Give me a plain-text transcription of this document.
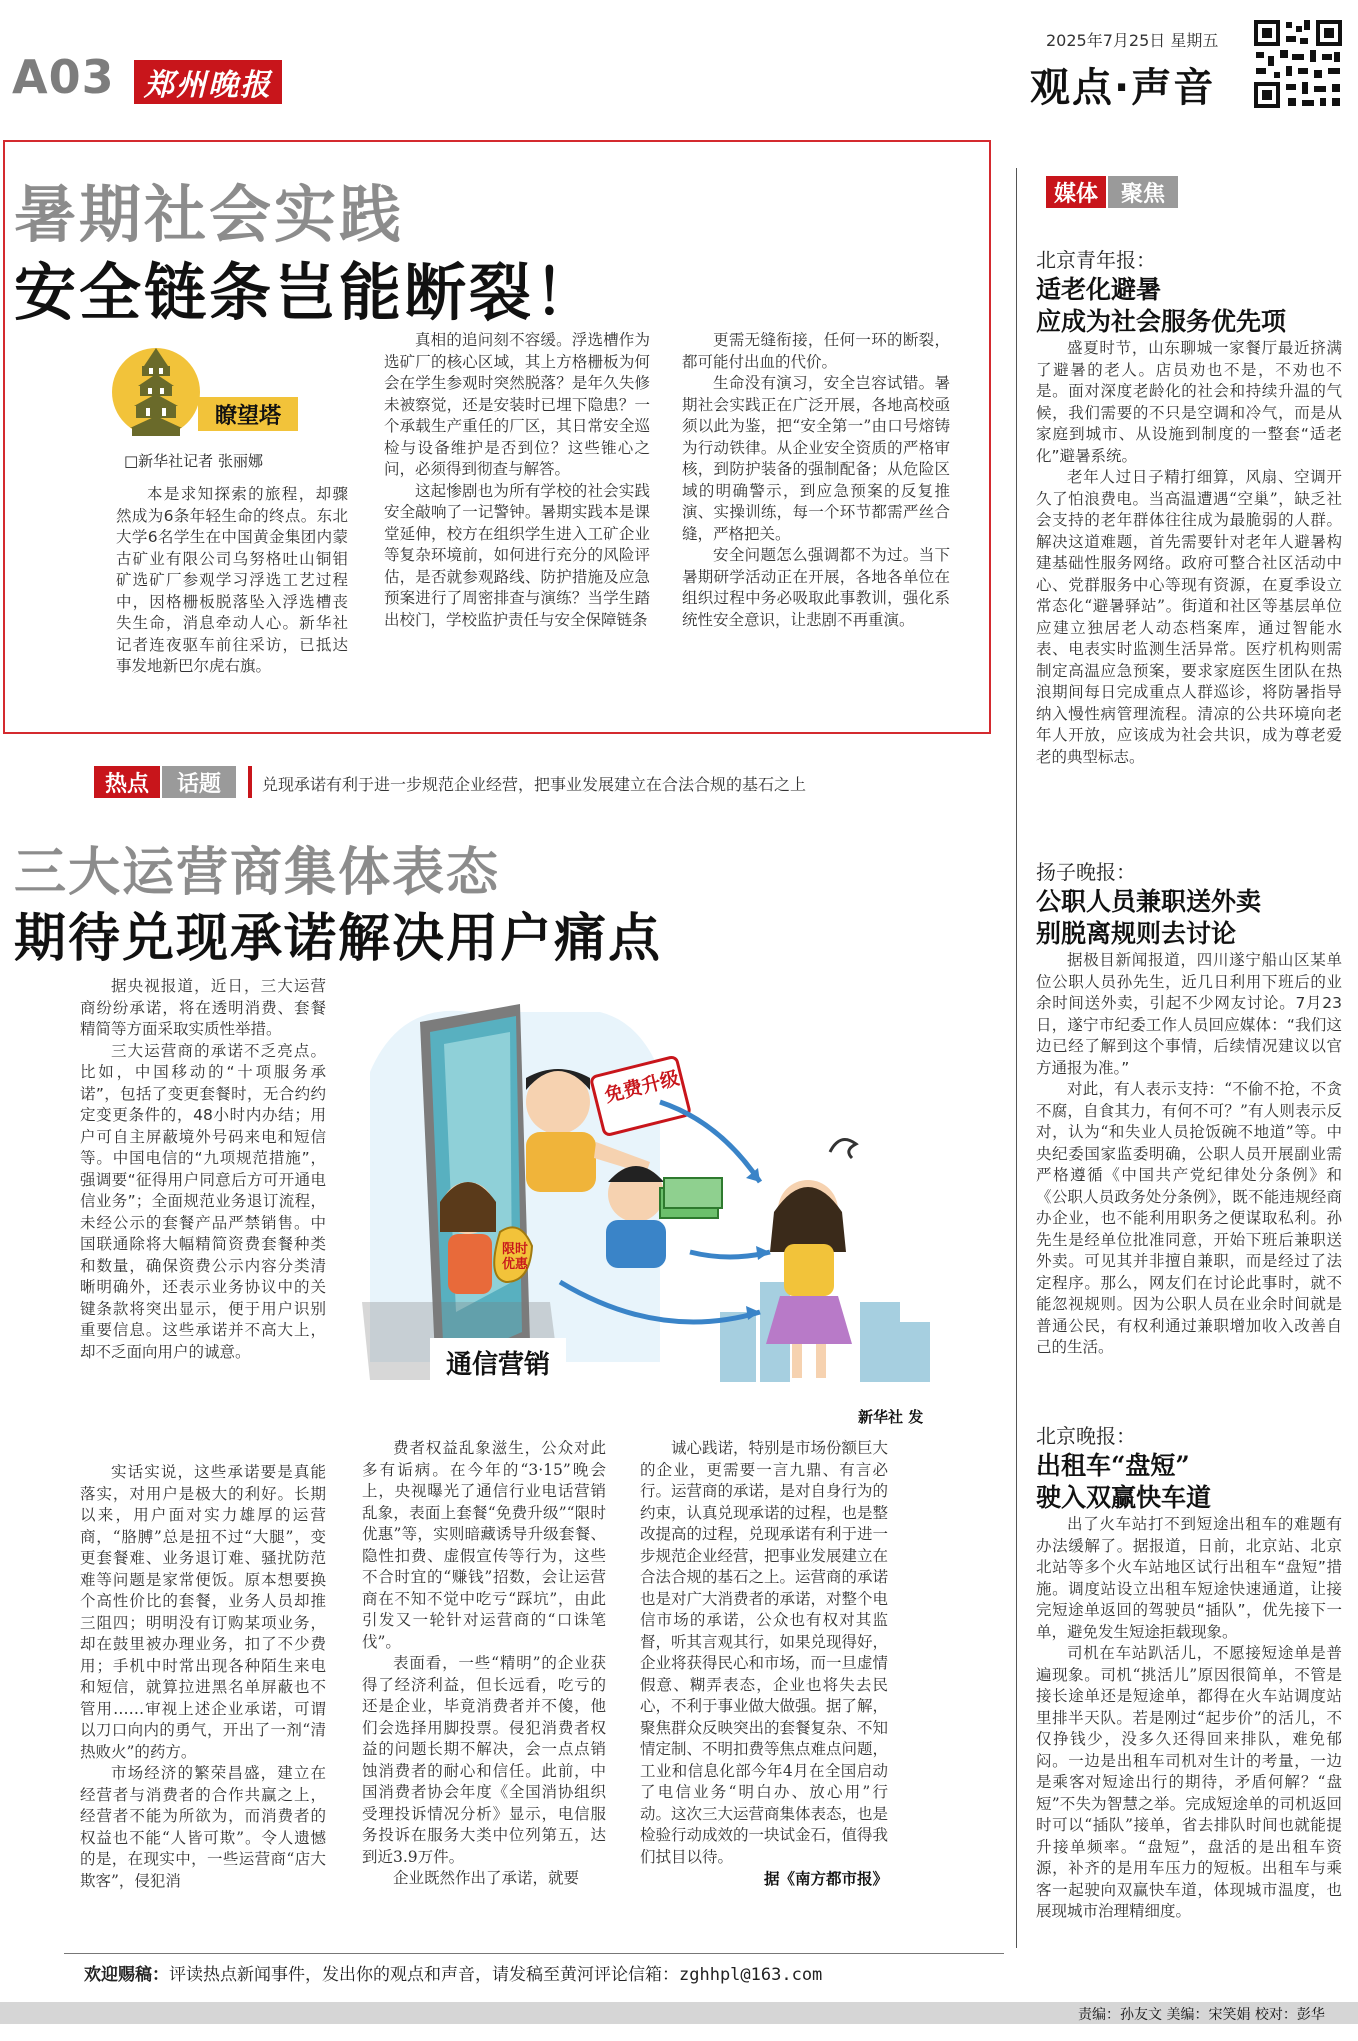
A03 郑州晚报
2025年7月25日 星期五
观点·声音
暑期社会实践
安全链条岂能断裂！
瞭望塔
□新华社记者 张丽娜

本是求知探索的旅程，却骤然成为6条年轻生命的终点。东北大学6名学生在中国黄金集团内蒙古矿业有限公司乌努格吐山铜钼矿选矿厂参观学习浮选工艺过程中，因格栅板脱落坠入浮选槽丧失生命，消息牵动人心。新华社记者连夜驱车前往采访，已抵达事发地新巴尔虎右旗。

真相的追问刻不容缓。浮选槽作为选矿厂的核心区域，其上方格栅板为何会在学生参观时突然脱落？是年久失修未被察觉，还是安装时已埋下隐患？一个承载生产重任的厂区，其日常安全巡检与设备维护是否到位？这些锥心之问，必须得到彻查与解答。

这起惨剧也为所有学校的社会实践安全敲响了一记警钟。暑期实践本是课堂延伸，校方在组织学生进入工矿企业等复杂环境前，如何进行充分的风险评估，是否就参观路线、防护措施及应急预案进行了周密排查与演练？当学生踏出校门，学校监护责任与安全保障链条

更需无缝衔接，任何一环的断裂，都可能付出血的代价。

生命没有演习，安全岂容试错。暑期社会实践正在广泛开展，各地高校亟须以此为鉴，把“安全第一”由口号熔铸为行动铁律。从企业安全资质的严格审核，到防护装备的强制配备；从危险区域的明确警示，到应急预案的反复推演、实操训练，每一个环节都需严丝合缝，严格把关。

安全问题怎么强调都不为过。当下暑期研学活动正在开展，各地各单位在组织过程中务必吸取此事教训，强化系统性安全意识，让悲剧不再重演。

热点	话题	兑现承诺有利于进一步规范企业经营，把事业发展建立在合法合规的基石之上
三大运营商集体表态
期待兑现承诺解决用户痛点

据央视报道，近日，三大运营商纷纷承诺，将在透明消费、套餐精简等方面采取实质性举措。

三大运营商的承诺不乏亮点。比如，中国移动的“十项服务承诺”，包括了变更套餐时，无合约约定变更条件的，48小时内办结；用户可自主屏蔽境外号码来电和短信等。中国电信的“九项规范措施”，强调要“征得用户同意后方可开通电信业务”；全面规范业务退订流程，未经公示的套餐产品严禁销售。中国联通除将大幅精简资费套餐种类和数量，确保资费公示内容分类清晰明确外，还表示业务协议中的关键条款将突出显示，便于用户识别重要信息。这些承诺并不高大上，却不乏面向用户的诚意。

免费升级
限时优惠
通信营销
新华社 发

实话实说，这些承诺要是真能落实，对用户是极大的利好。长期以来，用户面对实力雄厚的运营商，“胳膊”总是扭不过“大腿”，变更套餐难、业务退订难、骚扰防范难等问题是家常便饭。原本想要换个高性价比的套餐，业务人员却推三阻四；明明没有订购某项业务，却在鼓里被办理业务，扣了不少费用；手机中时常出现各种陌生来电和短信，就算拉进黑名单屏蔽也不管用……审视上述企业承诺，可谓以刀口向内的勇气，开出了一剂“清热败火”的药方。

市场经济的繁荣昌盛，建立在经营者与消费者的合作共赢之上，经营者不能为所欲为，而消费者的权益也不能“人皆可欺”。令人遗憾的是，在现实中，一些运营商“店大欺客”，侵犯消

费者权益乱象滋生，公众对此多有诟病。在今年的“3·15”晚会上，央视曝光了通信行业电话营销乱象，表面上套餐“免费升级”“限时优惠”等，实则暗藏诱导升级套餐、隐性扣费、虚假宣传等行为，这些不合时宜的“赚钱”招数，会让运营商在不知不觉中吃亏“踩坑”，由此引发又一轮针对运营商的“口诛笔伐”。

表面看，一些“精明”的企业获得了经济利益，但长远看，吃亏的还是企业，毕竟消费者并不傻，他们会选择用脚投票。侵犯消费者权益的问题长期不解决，会一点点销蚀消费者的耐心和信任。此前，中国消费者协会年度《全国消协组织受理投诉情况分析》显示，电信服务投诉在服务大类中位列第五，达到近3.9万件。

企业既然作出了承诺，就要

诚心践诺，特别是市场份额巨大的企业，更需要一言九鼎、有言必行。运营商的承诺，是对自身行为的约束，认真兑现承诺的过程，也是整改提高的过程，兑现承诺有利于进一步规范企业经营，把事业发展建立在合法合规的基石之上。运营商的承诺也是对广大消费者的承诺，对整个电信市场的承诺，公众也有权对其监督，听其言观其行，如果兑现得好，企业将获得民心和市场，而一旦虚情假意、糊弄表态，企业也将失去民心，不利于事业做大做强。据了解，聚焦群众反映突出的套餐复杂、不知情定制、不明扣费等焦点难点问题，工业和信息化部今年4月在全国启动了电信业务“明白办、放心用”行动。这次三大运营商集体表态，也是检验行动成效的一块试金石，值得我们拭目以待。

据《南方都市报》
欢迎赐稿：评读热点新闻事件，发出你的观点和声音，请发稿至黄河评论信箱：zghhpl@163.com
媒体	聚焦
北京青年报：
适老化避暑
应成为社会服务优先项

盛夏时节，山东聊城一家餐厅最近挤满了避暑的老人。店员劝也不是，不劝也不是。面对深度老龄化的社会和持续升温的气候，我们需要的不只是空调和冷气，而是从家庭到城市、从设施到制度的一整套“适老化”避暑系统。

老年人过日子精打细算，风扇、空调开久了怕浪费电。当高温遭遇“空巢”，缺乏社会支持的老年群体往往成为最脆弱的人群。解决这道难题，首先需要针对老年人避暑构建基础性服务网络。政府可整合社区活动中心、党群服务中心等现有资源，在夏季设立常态化“避暑驿站”。街道和社区等基层单位应建立独居老人动态档案库，通过智能水表、电表实时监测生活异常。医疗机构则需制定高温应急预案，要求家庭医生团队在热浪期间每日完成重点人群巡诊，将防暑指导纳入慢性病管理流程。清凉的公共环境向老年人开放，应该成为社会共识，成为尊老爱老的典型标志。

扬子晚报：
公职人员兼职送外卖
别脱离规则去讨论

据极目新闻报道，四川遂宁船山区某单位公职人员孙先生，近几日利用下班后的业余时间送外卖，引起不少网友讨论。7月23日，遂宁市纪委工作人员回应媒体：“我们这边已经了解到这个事情，后续情况建议以官方通报为准。”

对此，有人表示支持：“不偷不抢，不贪不腐，自食其力，有何不可？”有人则表示反对，认为“和失业人员抢饭碗不地道”等。中央纪委国家监委明确，公职人员开展副业需严格遵循《中国共产党纪律处分条例》和《公职人员政务处分条例》，既不能违规经商办企业，也不能利用职务之便谋取私利。孙先生是经单位批准同意，开始下班后兼职送外卖。可见其并非擅自兼职，而是经过了法定程序。那么，网友们在讨论此事时，就不能忽视规则。因为公职人员在业余时间就是普通公民，有权利通过兼职增加收入改善自己的生活。

北京晚报：
出租车“盘短”
驶入双赢快车道

出了火车站打不到短途出租车的难题有办法缓解了。据报道，日前，北京站、北京北站等多个火车站地区试行出租车“盘短”措施。调度站设立出租车短途快速通道，让接完短途单返回的驾驶员“插队”，优先接下一单，避免发生短途拒载现象。

司机在车站趴活儿，不愿接短途单是普遍现象。司机“挑活儿”原因很简单，不管是接长途单还是短途单，都得在火车站调度站里排半天队。若是刚过“起步价”的活儿，不仅挣钱少，没多久还得回来排队，难免郁闷。一边是出租车司机对生计的考量，一边是乘客对短途出行的期待，矛盾何解？“盘短”不失为智慧之举。完成短途单的司机返回时可以“插队”接单，省去排队时间也就能提升接单频率。“盘短”，盘活的是出租车资源，补齐的是用车压力的短板。出租车与乘客一起驶向双赢快车道，体现城市温度，也展现城市治理精细度。

责编：孙友文 美编：宋笑娟 校对：彭华
